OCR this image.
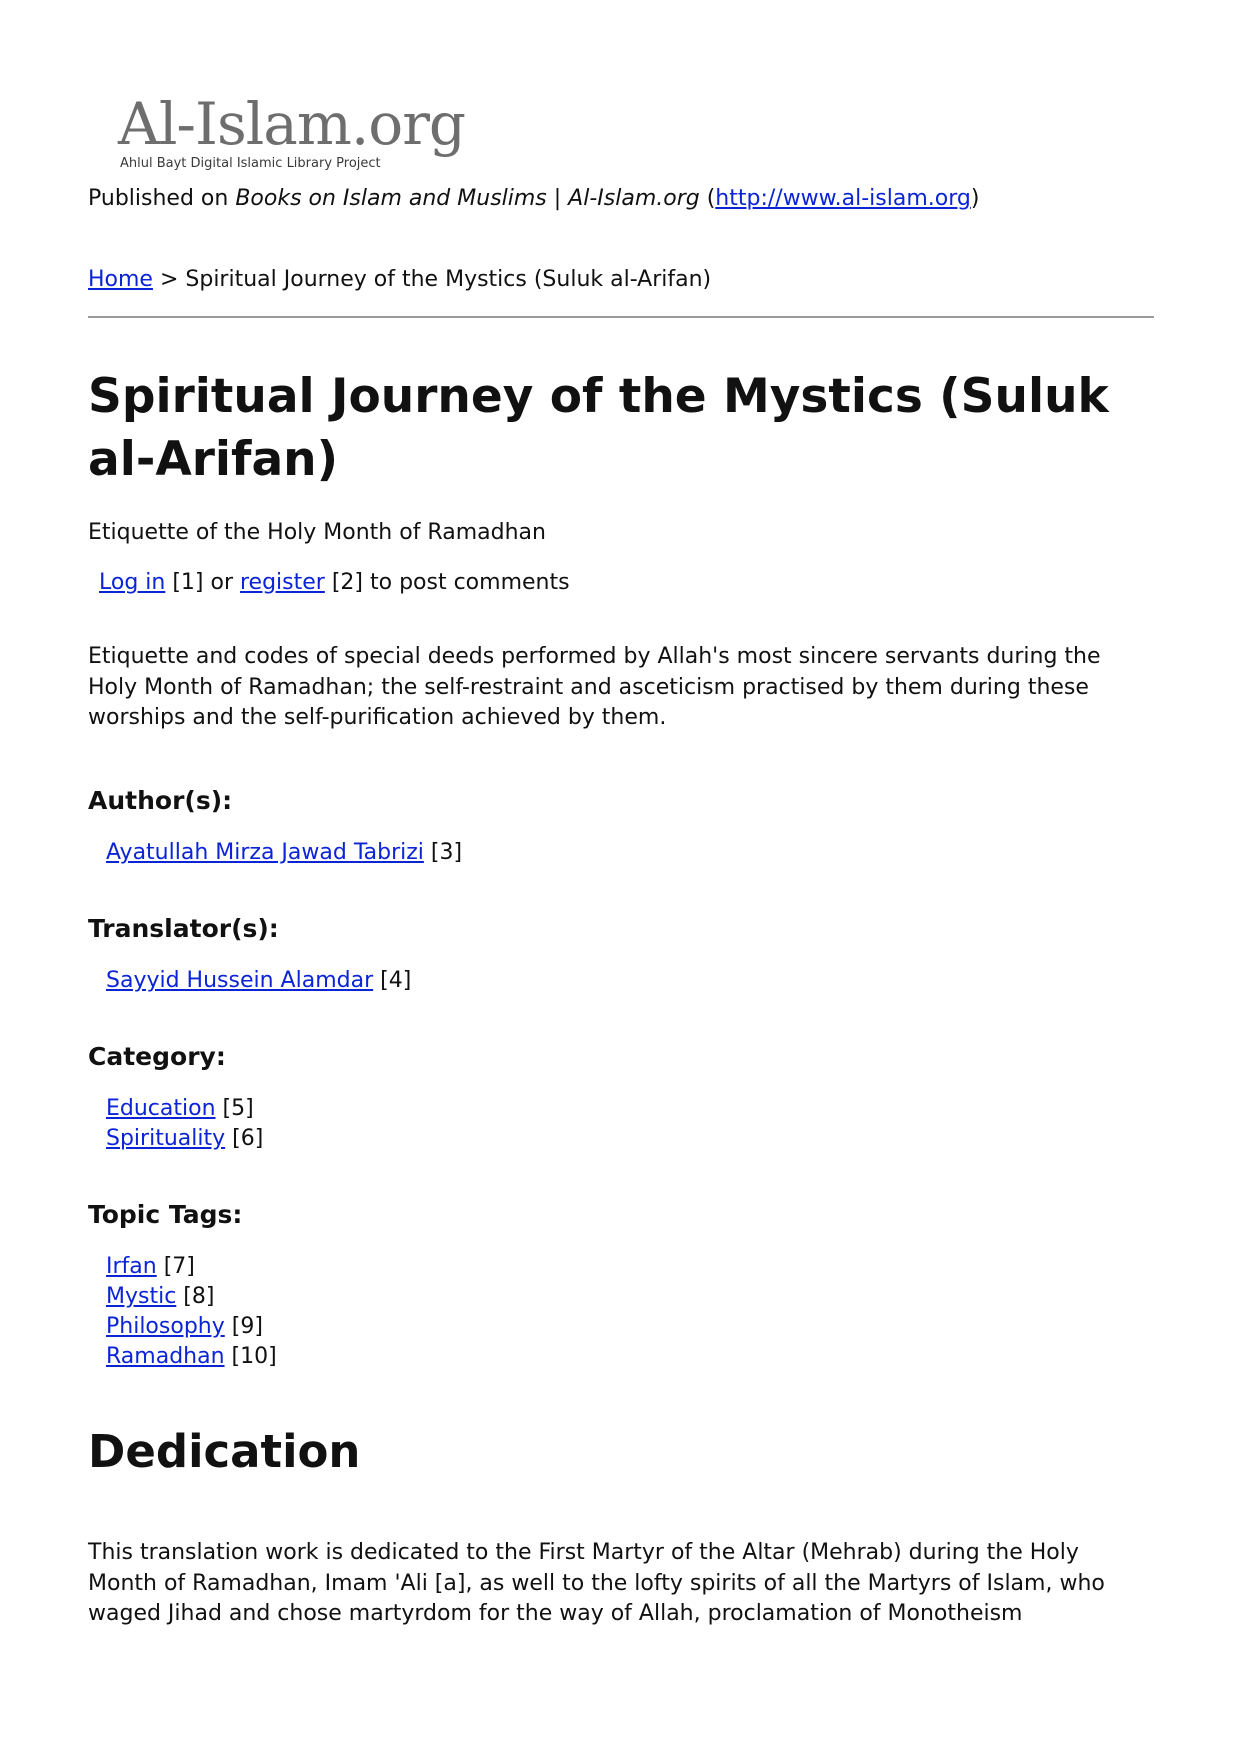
Al-Islam.org
Ahlul Bayt Digital Islamic Library Project
Published on Books on Islam and Muslims | Al-Islam.org (http://www.al-islam.org)
Home > Spiritual Journey of the Mystics (Suluk al-Arifan)
Spiritual Journey of the Mystics (Suluk al-Arifan)
Etiquette of the Holy Month of Ramadhan
Log in [1] or register [2] to post comments

Etiquette and codes of special deeds performed by Allah's most sincere servants during the Holy Month of Ramadhan; the self-restraint and asceticism practised by them during these worships and the self-purification achieved by them.

Author(s):
Ayatullah Mirza Jawad Tabrizi [3]
Translator(s):
Sayyid Hussein Alamdar [4]
Category:
Education [5]
Spirituality [6]
Topic Tags:
Irfan [7]
Mystic [8]
Philosophy [9]
Ramadhan [10]
Dedication

This translation work is dedicated to the First Martyr of the Altar (Mehrab) during the Holy Month of Ramadhan, Imam 'Ali [a], as well to the lofty spirits of all the Martyrs of Islam, who waged Jihad and chose martyrdom for the way of Allah, proclamation of Monotheism
